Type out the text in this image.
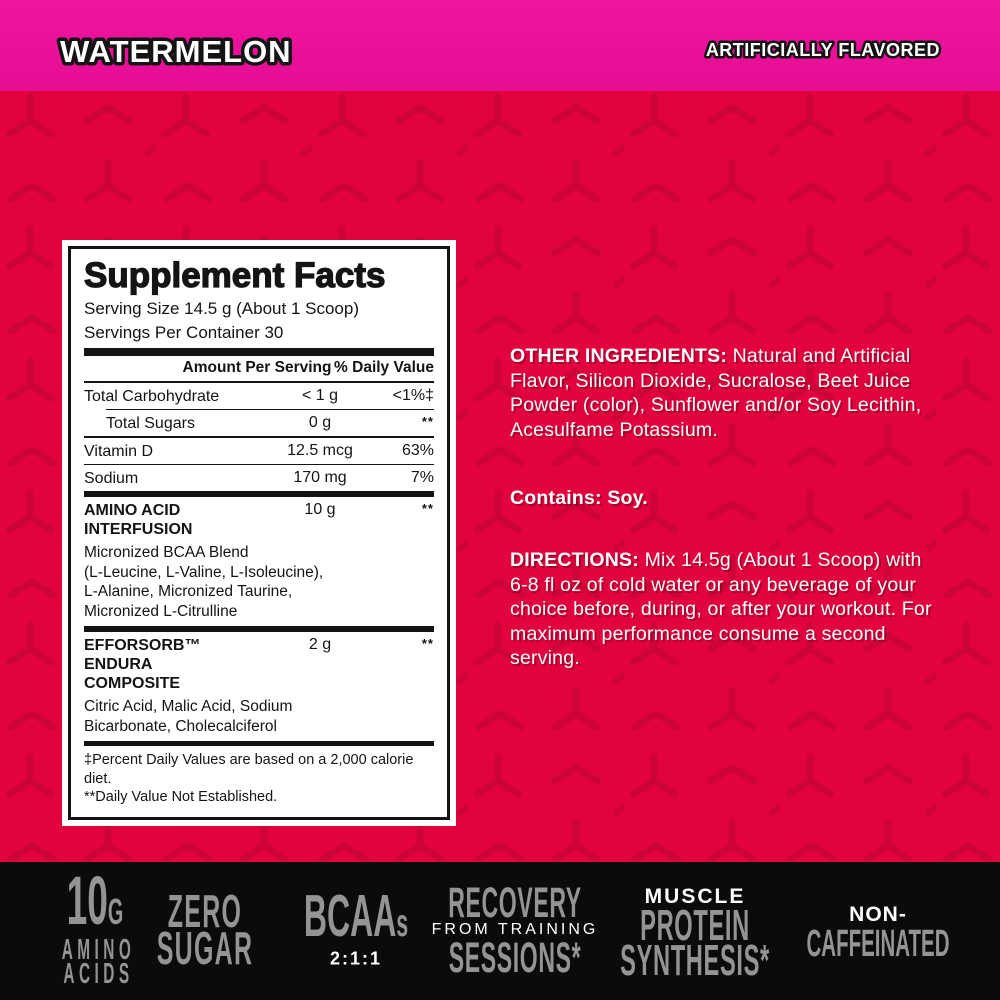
WATERMELON	ARTIFICIALLY FLAVORED
Supplement Facts
Serving Size 14.5 g (About 1 Scoop)
Servings Per Container 30
Amount Per Serving % Daily Value
Total Carbohydrate	< 1 g	<1%‡
Total Sugars	0 g	**
Vitamin D	12.5 mcg	63%
Sodium	170 mg	7%
AMINO ACID
INTERFUSION
10 g	**
Micronized BCAA Blend
(L-Leucine, L-Valine, L-Isoleucine),
L-Alanine, Micronized Taurine,
Micronized L-Citrulline
EFFORSORB™ ENDURA
COMPOSITE
2 g	**
Citric Acid, Malic Acid, Sodium
Bicarbonate, Cholecalciferol
‡Percent Daily Values are based on a 2,000 calorie diet.
**Daily Value Not Established.
OTHER INGREDIENTS: Natural and Artificial Flavor, Silicon Dioxide, Sucralose, Beet Juice Powder (color), Sunflower and/or Soy Lecithin, Acesulfame Potassium.
Contains: Soy.
DIRECTIONS: Mix 14.5g (About 1 Scoop) with 6-8 fl oz of cold water or any beverage of your choice before, during, or after your workout. For maximum performance consume a second serving.
10G
AMINO
ACIDS
ZERO
SUGAR
BCAAs
2:1:1
RECOVERY
FROM TRAINING
SESSIONS*
MUSCLE
PROTEIN
SYNTHESIS*
NON-
CAFFEINATED
